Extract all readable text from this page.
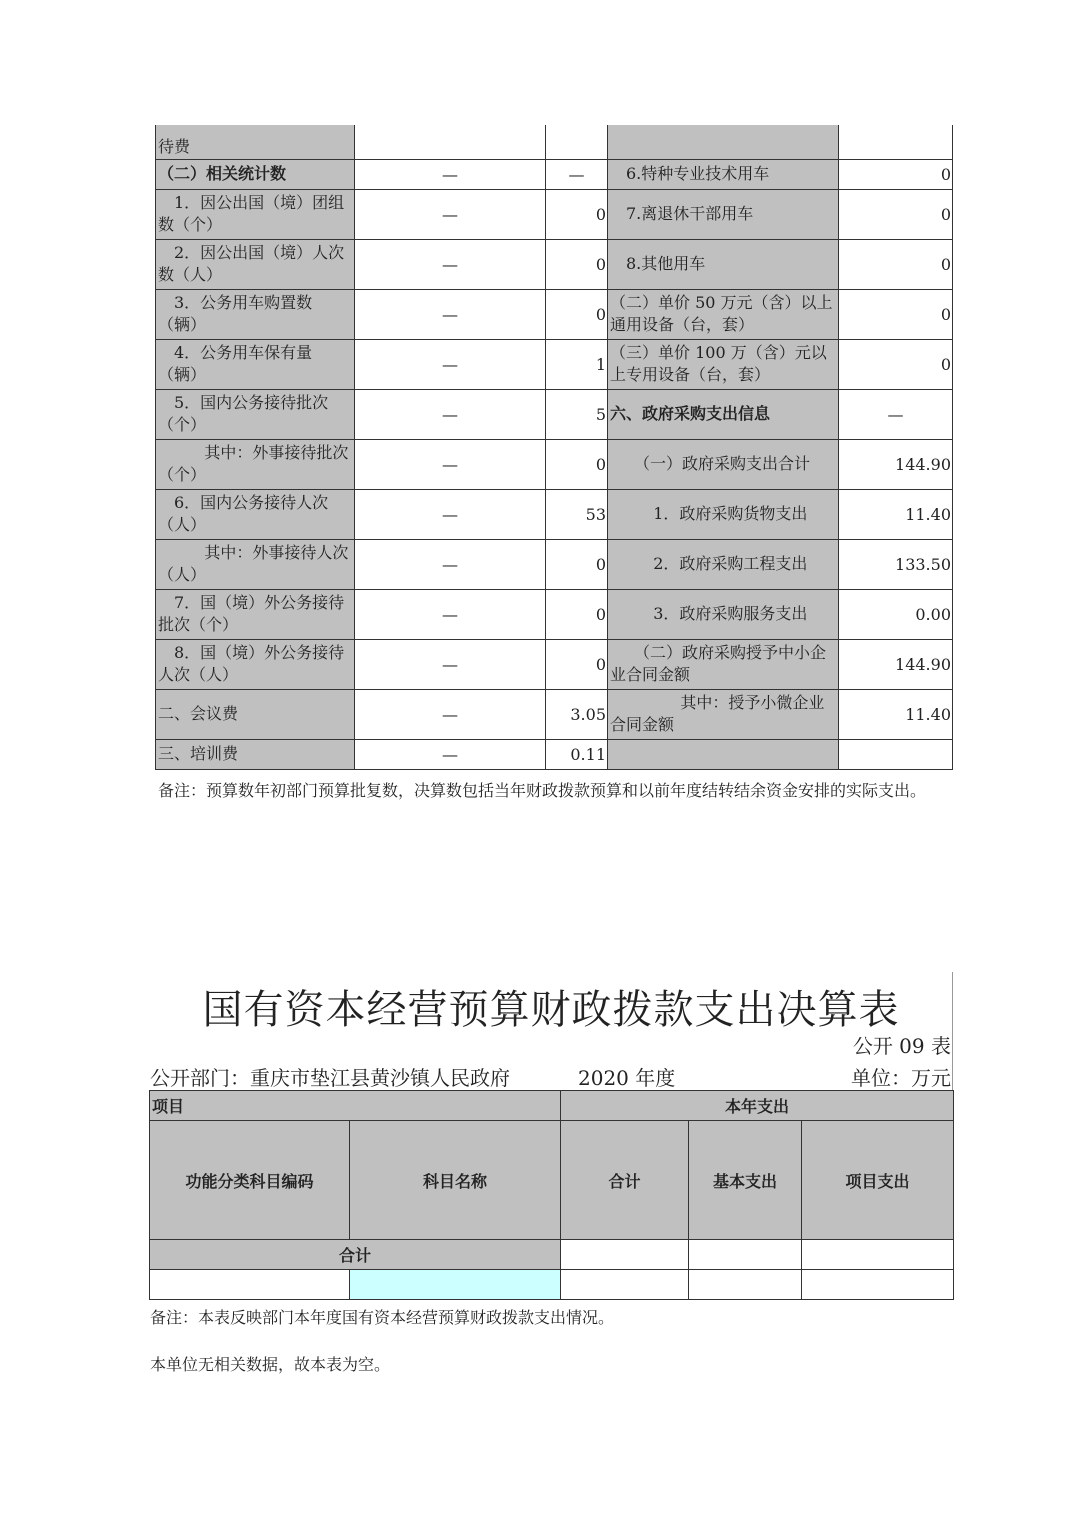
待费				
（二）相关统计数	—	—	6.特种专业技术用车	0
1．因公出国（境）团组数（个）	—	0	7.离退休干部用车	0
2．因公出国（境）人次数（人）	—	0	8.其他用车	0
3．公务用车购置数（辆）	—	0	（二）单价 50 万元（含）以上通用设备（台，套）	0
4．公务用车保有量（辆）	—	1	（三）单价 100 万（含）元以上专用设备（台，套）	0
5．国内公务接待批次（个）	—	5	六、政府采购支出信息	—
其中：外事接待批次（个）	—	0	（一）政府采购支出合计	144.90
6．国内公务接待人次（人）	—	53	1．政府采购货物支出	11.40
其中：外事接待人次（人）	—	0	2．政府采购工程支出	133.50
7．国（境）外公务接待批次（个）	—	0	3．政府采购服务支出	0.00
8．国（境）外公务接待人次（人）	—	0	（二）政府采购授予中小企业合同金额	144.90
二、会议费	—	3.05	其中：授予小微企业合同金额	11.40
三、培训费	—	0.11		
备注：预算数年初部门预算批复数，决算数包括当年财政拨款预算和以前年度结转结余资金安排的实际支出。
国有资本经营预算财政拨款支出决算表
公开 09 表
公开部门：重庆市垫江县黄沙镇人民政府	2020 年度	单位：万元
项目		本年支出		
功能分类科目编码	科目名称	合计	基本支出	项目支出
合计				

备注：本表反映部门本年度国有资本经营预算财政拨款支出情况。
本单位无相关数据，故本表为空。
